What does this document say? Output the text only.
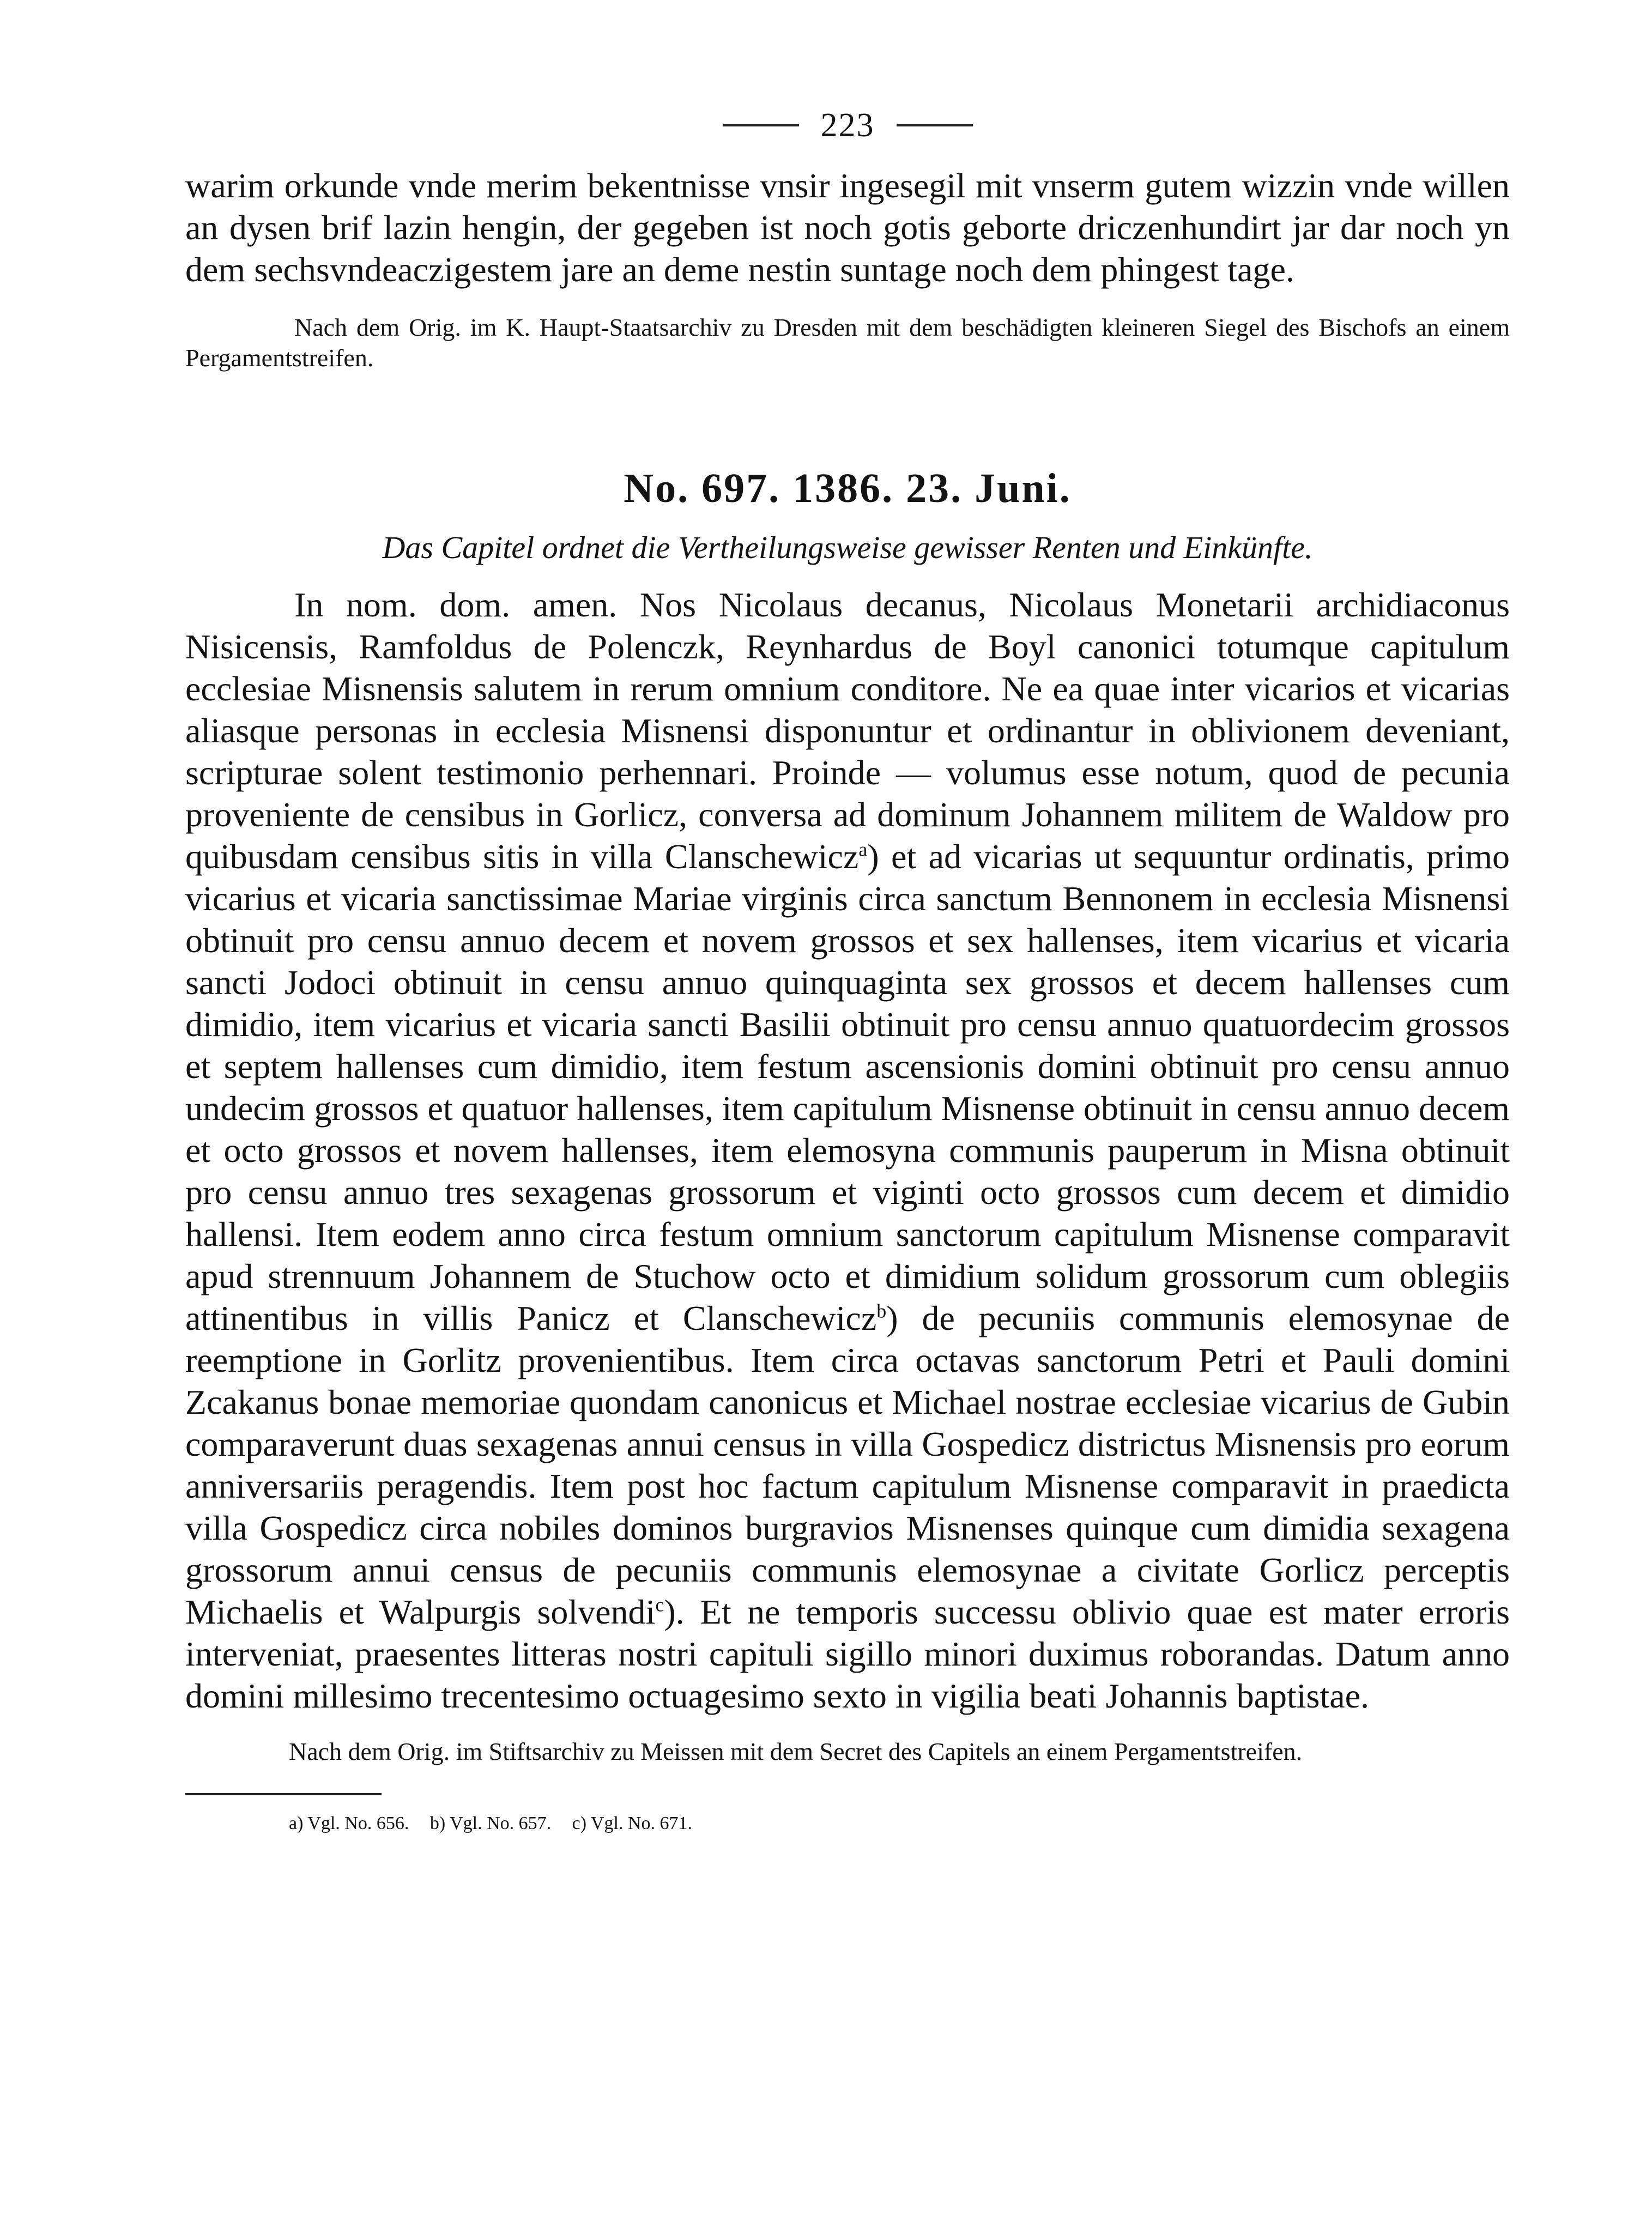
223

warim orkunde vnde merim bekentnisse vnsir ingesegil mit vnserm gutem wizzin vnde willen an dysen brif lazin hengin, der gegeben ist noch gotis geborte driczenhundirt jar dar noch yn dem sechsvndeaczigestem jare an deme nestin suntage noch dem phingest tage.

Nach dem Orig. im K. Haupt-Staatsarchiv zu Dresden mit dem beschädigten kleineren Siegel des Bischofs an einem Pergamentstreifen.

No. 697. 1386. 23. Juni.

Das Capitel ordnet die Vertheilungsweise gewisser Renten und Einkünfte.

In nom. dom. amen. Nos Nicolaus decanus, Nicolaus Monetarii archidiaconus Nisicensis, Ramfoldus de Polenczk, Reynhardus de Boyl canonici totumque capitulum ecclesiae Misnensis salutem in rerum omnium conditore. Ne ea quae inter vicarios et vicarias aliasque personas in ecclesia Misnensi disponuntur et ordinantur in oblivionem deveniant, scripturae solent testimonio perhennari. Proinde — volumus esse notum, quod de pecunia proveniente de censibus in Gorlicz, conversa ad dominum Johannem militem de Waldow pro quibusdam censibus sitis in villa Clanschewicz$^a$) et ad vicarias ut sequuntur ordinatis, primo vicarius et vicaria sanctissimae Mariae virginis circa sanctum Bennonem in ecclesia Misnensi obtinuit pro censu annuo decem et novem grossos et sex hallenses, item vicarius et vicaria sancti Jodoci obtinuit in censu annuo quinquaginta sex grossos et decem hallenses cum dimidio, item vicarius et vicaria sancti Basilii obtinuit pro censu annuo quatuordecim grossos et septem hallenses cum dimidio, item festum ascensionis domini obtinuit pro censu annuo undecim grossos et quatuor hallenses, item capitulum Misnense obtinuit in censu annuo decem et octo grossos et novem hallenses, item elemosyna communis pauperum in Misna obtinuit pro censu annuo tres sexagenas grossorum et viginti octo grossos cum decem et dimidio hallensi. Item eodem anno circa festum omnium sanctorum capitulum Misnense comparavit apud strennuum Johannem de Stuchow octo et dimidium solidum grossorum cum oblegiis attinentibus in villis Panicz et Clanschewicz$^b$) de pecuniis communis elemosynae de reemptione in Gorlitz provenientibus. Item circa octavas sanctorum Petri et Pauli domini Zcakanus bonae memoriae quondam canonicus et Michael nostrae ecclesiae vicarius de Gubin comparaverunt duas sexagenas annui census in villa Gospedicz districtus Misnensis pro eorum anniversariis peragendis. Item post hoc factum capitulum Misnense comparavit in praedicta villa Gospedicz circa nobiles dominos burgravios Misnenses quinque cum dimidia sexagena grossorum annui census de pecuniis communis elemosynae a civitate Gorlicz perceptis Michaelis et Walpurgis solvendi$^c$). Et ne temporis successu oblivio quae est mater erroris interveniat, praesentes litteras nostri capituli sigillo minori duximus roborandas. Datum anno domini millesimo trecentesimo octuagesimo sexto in vigilia beati Johannis baptistae.

Nach dem Orig. im Stiftsarchiv zu Meissen mit dem Secret des Capitels an einem Pergamentstreifen.

a) Vgl. No. 656. b) Vgl. No. 657. c) Vgl. No. 671.
